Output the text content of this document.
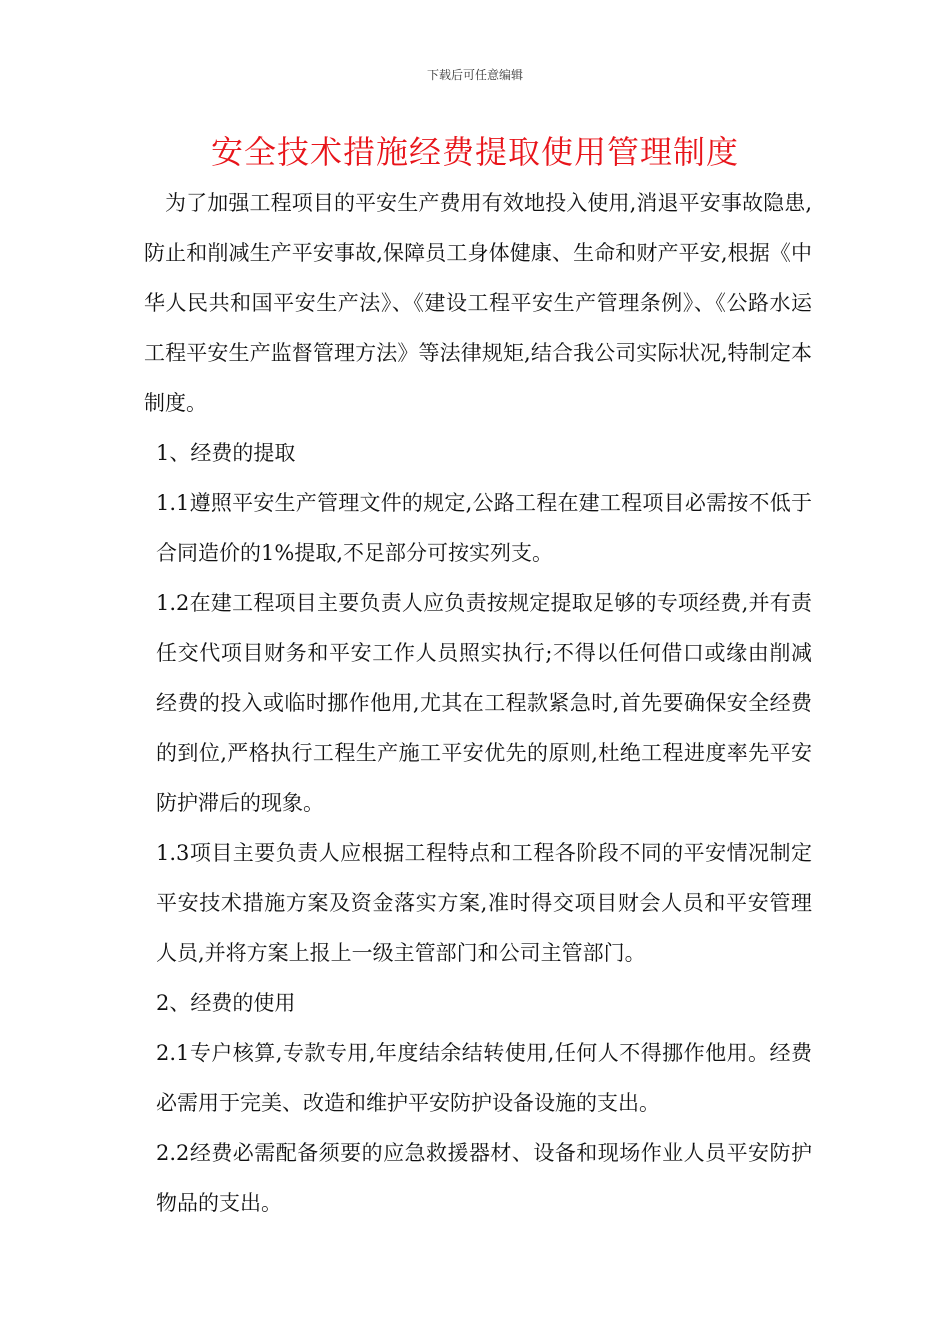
下载后可任意编辑
安全技术措施经费提取使用管理制度

为了加强工程项目的平安生产费用有效地投入使用,消退平安事故隐患,防止和削减生产平安事故,保障员工身体健康、生命和财产平安,根据《中华人民共和国平安生产法》、《建设工程平安生产管理条例》、《公路水运工程平安生产监督管理方法》等法律规矩,结合我公司实际状况,特制定本制度。

1、经费的提取

1.1遵照平安生产管理文件的规定,公路工程在建工程项目必需按不低于合同造价的1%提取,不足部分可按实列支。

1.2在建工程项目主要负责人应负责按规定提取足够的专项经费,并有责任交代项目财务和平安工作人员照实执行;不得以任何借口或缘由削减经费的投入或临时挪作他用,尤其在工程款紧急时,首先要确保安全经费的到位,严格执行工程生产施工平安优先的原则,杜绝工程进度率先平安防护滞后的现象。

1.3项目主要负责人应根据工程特点和工程各阶段不同的平安情况制定平安技术措施方案及资金落实方案,准时得交项目财会人员和平安管理人员,并将方案上报上一级主管部门和公司主管部门。

2、经费的使用

2.1专户核算,专款专用,年度结余结转使用,任何人不得挪作他用。经费必需用于完美、改造和维护平安防护设备设施的支出。

2.2经费必需配备须要的应急救援器材、设备和现场作业人员平安防护物品的支出。
